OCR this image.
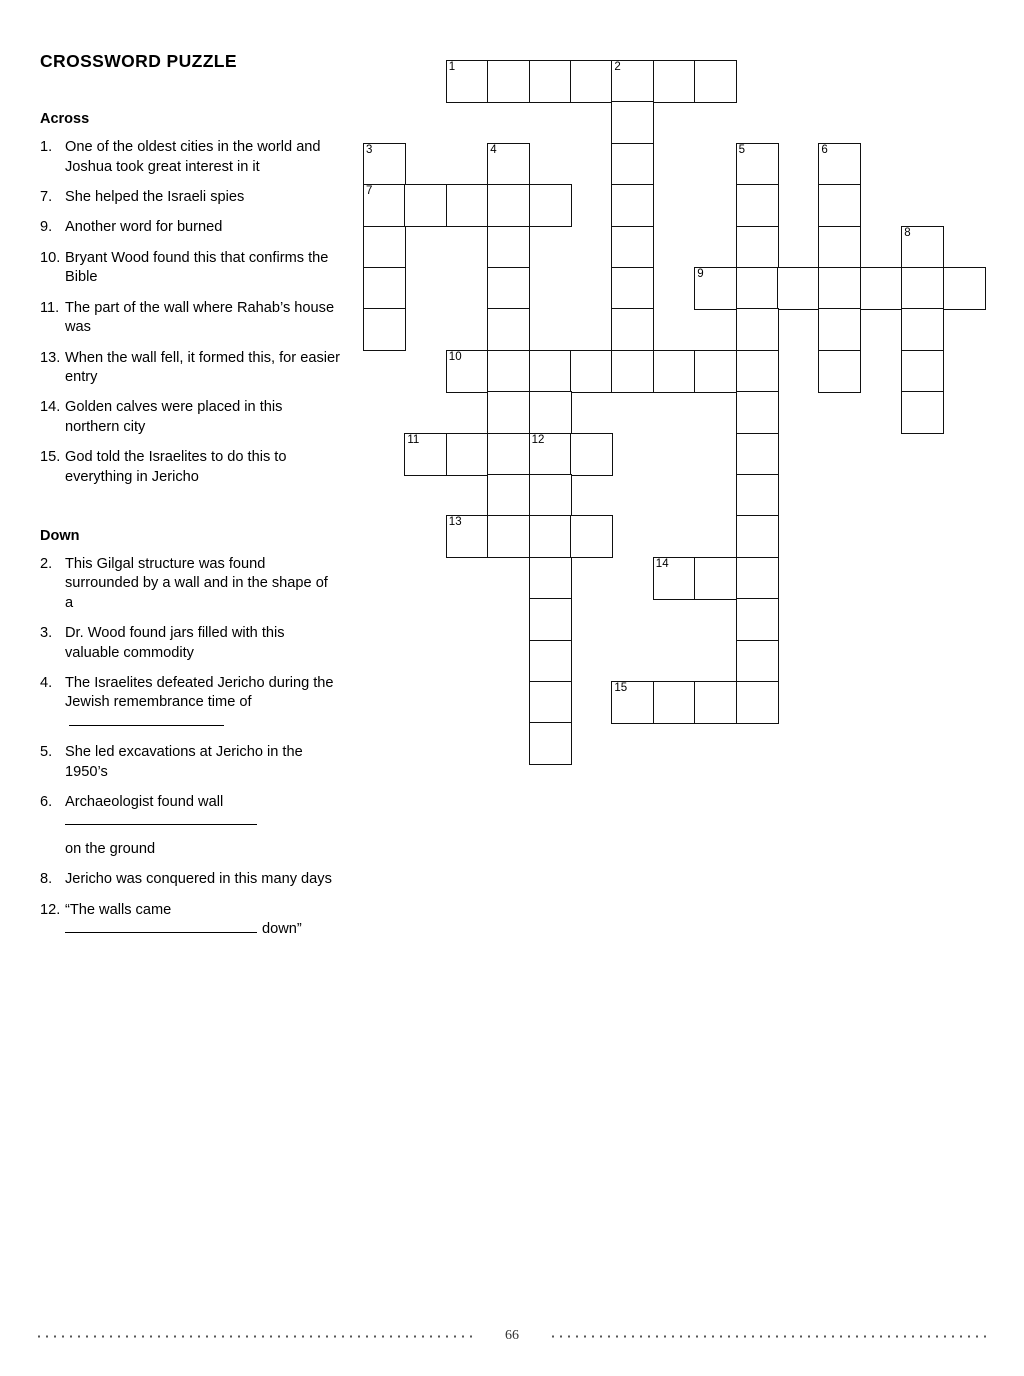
CROSSWORD PUZZLE
Across
1. One of the oldest cities in the world and Joshua took great interest in it
7. She helped the Israeli spies
9. Another word for burned
10. Bryant Wood found this that confirms the Bible
11. The part of the wall where Rahab’s house was
13. When the wall fell, it formed this, for easier entry
14. Golden calves were placed in this northern city
15. God told the Israelites to do this to everything in Jericho
Down
2. This Gilgal structure was found surrounded by a wall and in the shape of a
3. Dr. Wood found jars filled with this valuable commodity
4. The Israelites defeated Jericho during the Jewish remembrance time of
5. She led excavations at Jericho in the 1950’s
6. Archaeologist found wall

on the ground
8. Jericho was conquered in this many days
12. “The walls came
down”
1	2
3	4	5	6
7
8
9
10
11	12
13
14
15
66
